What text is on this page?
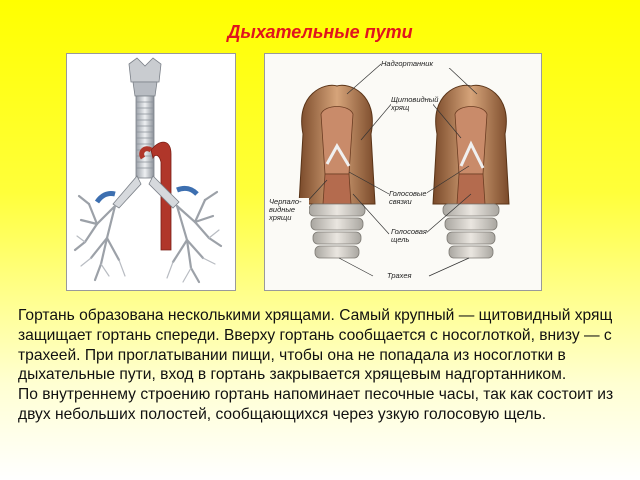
Дыхательные пути
Надгортанник
Щитовидный хрящ
Голосовые связки
Черпало-видные хрящи
Голосовая щель
Трахея

Гортань образована несколькими хрящами. Самый крупный — щитовидный хрящ защищает гортань спереди. Вверху гортань сообщается с носоглоткой, внизу — с трахеей. При проглатывании пищи, чтобы она не попадала из носоглотки в дыхательные пути, вход в гортань закрывается хрящевым надгортанником.

По внутреннему строению гортань напоминает песочные часы, так как состоит из двух небольших полостей, сообщающихся через узкую голосовую щель.
